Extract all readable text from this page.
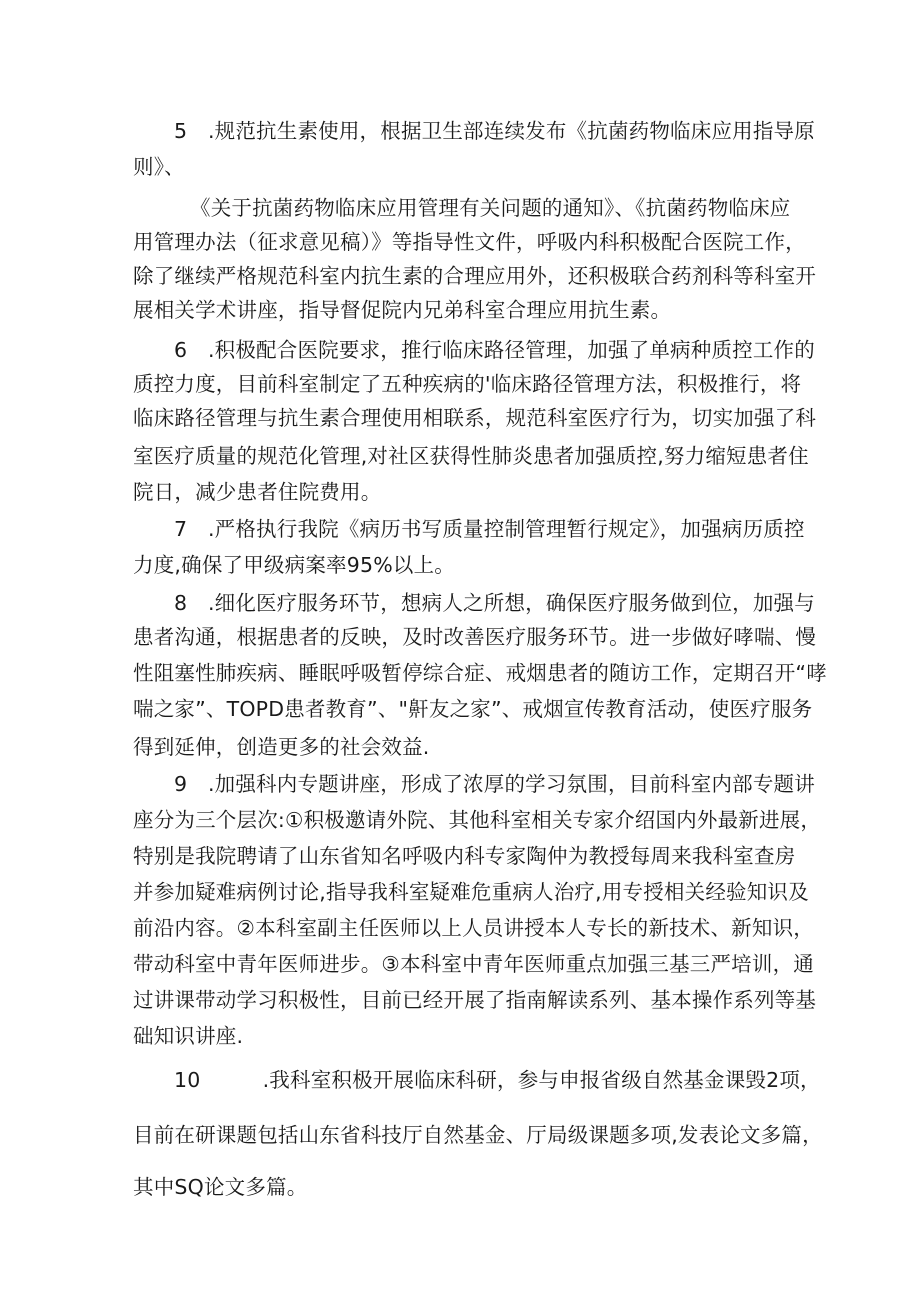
5　.规范抗生素使用，根据卫生部连续发布《抗菌药物临床应用指导原
则》、
《关于抗菌药物临床应用管理有关问题的通知》、《抗菌药物临床应
用管理办法（征求意见稿）》等指导性文件，呼吸内科积极配合医院工作，
除了继续严格规范科室内抗生素的合理应用外，还积极联合药剂科等科室开
展相关学术讲座，指导督促院内兄弟科室合理应用抗生素。
6　.积极配合医院要求，推行临床路径管理，加强了单病种质控工作的
质控力度，目前科室制定了五种疾病的'临床路径管理方法，积极推行，将
临床路径管理与抗生素合理使用相联系，规范科室医疗行为，切实加强了科
室医疗质量的规范化管理,对社区获得性肺炎患者加强质控,努力缩短患者住
院日，减少患者住院费用。
7　.严格执行我院《病历书写质量控制管理暂行规定》，加强病历质控
力度,确保了甲级病案率95%以上。
8　.细化医疗服务环节，想病人之所想，确保医疗服务做到位，加强与
患者沟通，根据患者的反映，及时改善医疗服务环节。进一步做好哮喘、慢
性阻塞性肺疾病、睡眠呼吸暂停综合症、戒烟患者的随访工作，定期召开“哮
喘之家”、TOPD患者教育”、"鼾友之家”、戒烟宣传教育活动，使医疗服务
得到延伸，创造更多的社会效益.
9　.加强科内专题讲座，形成了浓厚的学习氛围，目前科室内部专题讲
座分为三个层次:①积极邀请外院、其他科室相关专家介绍国内外最新进展，
特别是我院聘请了山东省知名呼吸内科专家陶仲为教授每周来我科室查房
并参加疑难病例讨论,指导我科室疑难危重病人治疗,用专授相关经验知识及
前沿内容。②本科室副主任医师以上人员讲授本人专长的新技术、新知识，
带动科室中青年医师进步。③本科室中青年医师重点加强三基三严培训，通
过讲课带动学习积极性，目前已经开展了指南解读系列、基本操作系列等基
础知识讲座.
10　　　.我科室积极开展临床科研，参与申报省级自然基金课毁2项，
目前在研课题包括山东省科技厅自然基金、厅局级课题多项,发表论文多篇，
其中SQ论文多篇。
